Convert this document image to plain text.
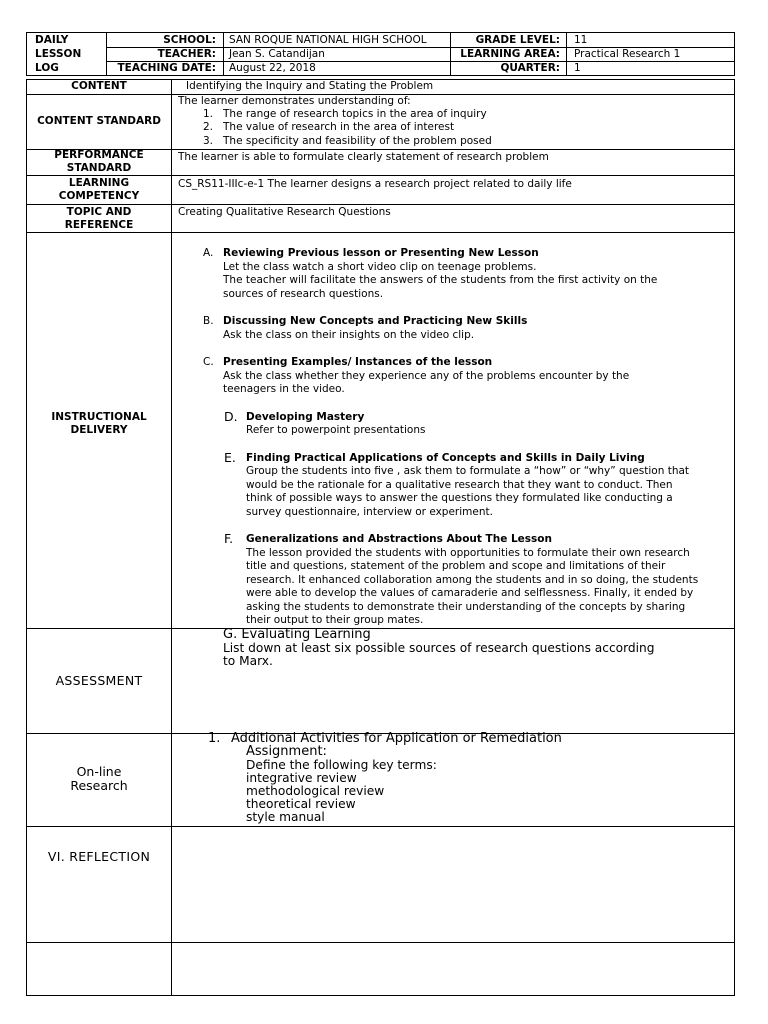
DAILY
LESSON
LOG
SCHOOL: SAN ROQUE NATIONAL HIGH SCHOOL
TEACHER: Jean S. Catandijan
TEACHING DATE: August 22, 2018
GRADE LEVEL: 11
LEARNING AREA: Practical Research 1
QUARTER: 1
CONTENT	Identifying the Inquiry and Stating the Problem
CONTENT STANDARD
The learner demonstrates understanding of:
1. The range of research topics in the area of inquiry
2. The value of research in the area of interest
3. The specificity and feasibility of the problem posed
PERFORMANCE
STANDARD
The learner is able to formulate clearly statement of research problem
LEARNING
COMPETENCY
CS_RS11-IIIc-e-1 The learner designs a research project related to daily life
TOPIC AND
REFERENCE
Creating Qualitative Research Questions
INSTRUCTIONAL
DELIVERY
A. Reviewing Previous lesson or Presenting New Lesson
Let the class watch a short video clip on teenage problems.
The teacher will facilitate the answers of the students from the first activity on the
sources of research questions.
B. Discussing New Concepts and Practicing New Skills
Ask the class on their insights on the video clip.
C. Presenting Examples/ Instances of the lesson
Ask the class whether they experience any of the problems encounter by the
teenagers in the video.
D. Developing Mastery
Refer to powerpoint presentations
E. Finding Practical Applications of Concepts and Skills in Daily Living
Group the students into five , ask them to formulate a “how” or “why” question that
would be the rationale for a qualitative research that they want to conduct. Then
think of possible ways to answer the questions they formulated like conducting a
survey questionnaire, interview or experiment.
F. Generalizations and Abstractions About The Lesson
The lesson provided the students with opportunities to formulate their own research
title and questions, statement of the problem and scope and limitations of their
research. It enhanced collaboration among the students and in so doing, the students
were able to develop the values of camaraderie and selflessness. Finally, it ended by
asking the students to demonstrate their understanding of the concepts by sharing
their output to their group mates.
ASSESSMENT
G. Evaluating Learning
List down at least six possible sources of research questions according
to Marx.
On-line
Research
1. Additional Activities for Application or Remediation
Assignment:
Define the following key terms:
integrative review
methodological review
theoretical review
style manual
VI. REFLECTION
